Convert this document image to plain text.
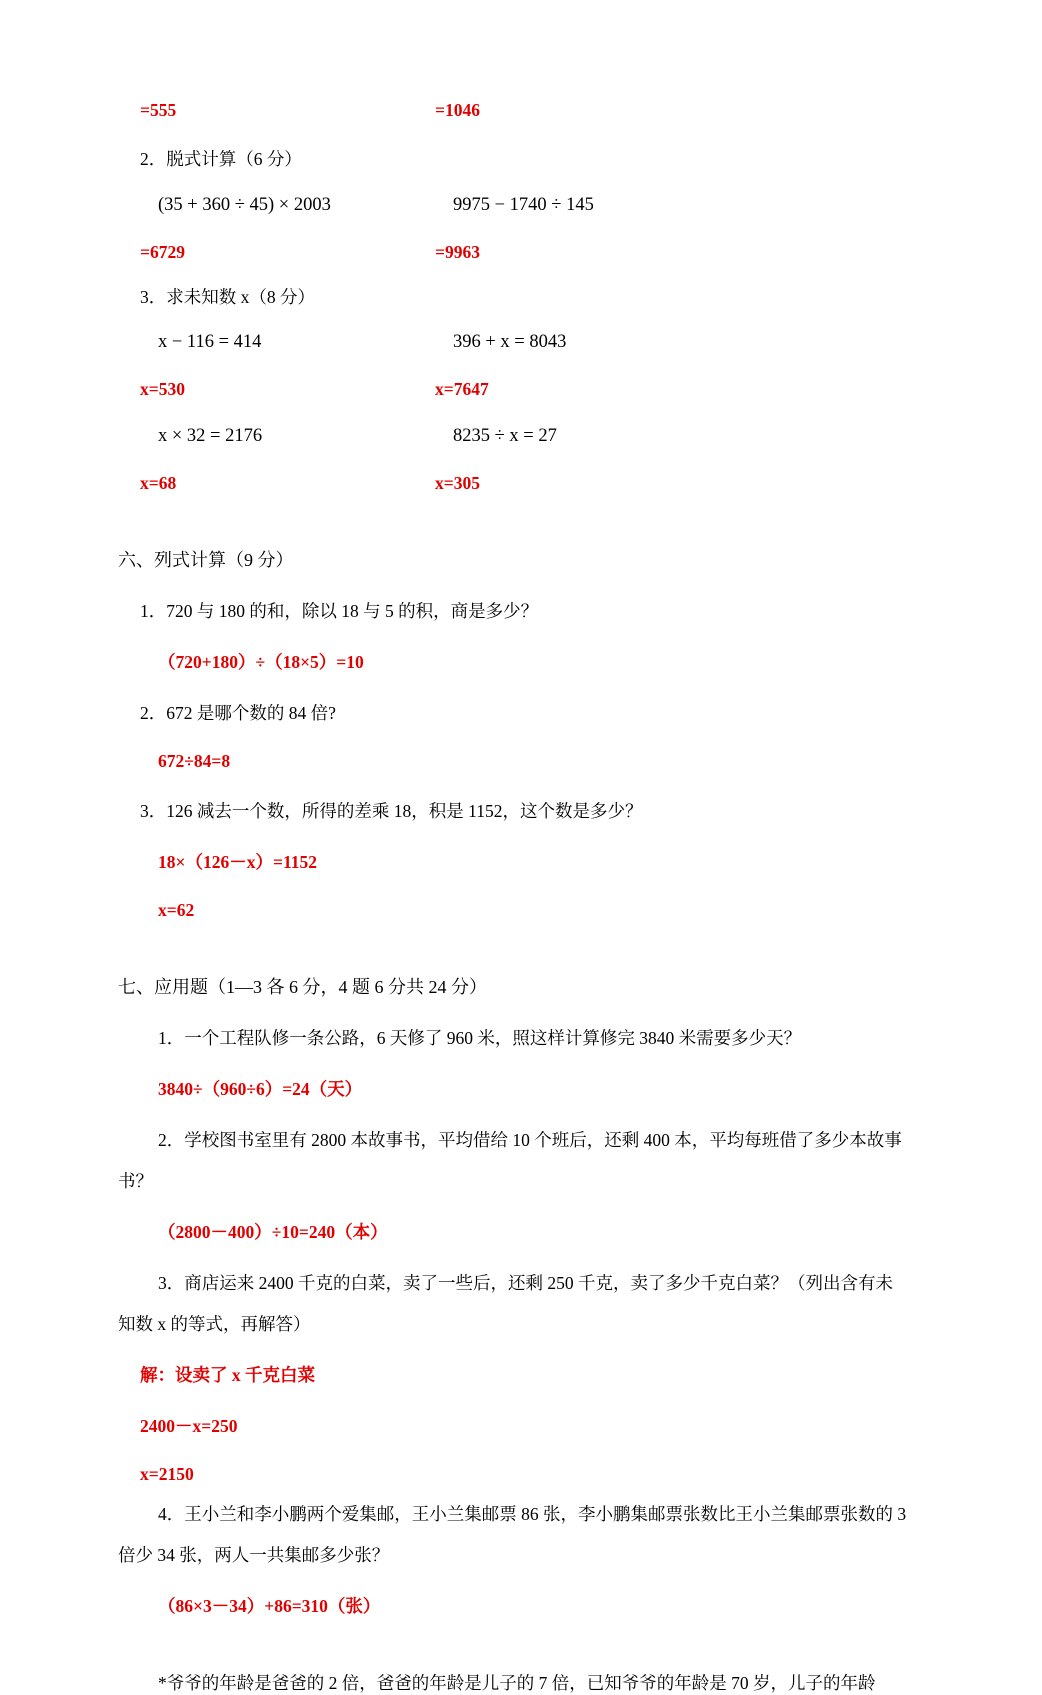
=555	=1046
2．脱式计算（6 分）
(35 + 360 ÷ 45) × 2003	9975 − 1740 ÷ 145
=6729	=9963
3．求未知数 x（8 分）
x − 116 = 414	396 + x = 8043
x=530	x=7647
x × 32 = 2176	8235 ÷ x = 27
x=68	x=305
六、列式计算（9 分）
1．720 与 180 的和，除以 18 与 5 的积，商是多少？
（720+180）÷（18×5）=10
2．672 是哪个数的 84 倍?
672÷84=8
3．126 减去一个数，所得的差乘 18，积是 1152，这个数是多少？
18×（126－x）=1152
x=62
七、应用题（1—3 各 6 分，4 题 6 分共 24 分）
1．一个工程队修一条公路，6 天修了 960 米，照这样计算修完 3840 米需要多少天？
3840÷（960÷6）=24（天）
2．学校图书室里有 2800 本故事书，平均借给 10 个班后，还剩 400 本，平均每班借了多少本故事
书？
（2800－400）÷10=240（本）
3．商店运来 2400 千克的白菜，卖了一些后，还剩 250 千克，卖了多少千克白菜？（列出含有未
知数 x 的等式，再解答）
解：设卖了 x 千克白菜
2400－x=250
x=2150
4．王小兰和李小鹏两个爱集邮，王小兰集邮票 86 张，李小鹏集邮票张数比王小兰集邮票张数的 3
倍少 34 张，两人一共集邮多少张？
（86×3－34）+86=310（张）
*爷爷的年龄是爸爸的 2 倍，爸爸的年龄是儿子的 7 倍，已知爷爷的年龄是 70 岁，儿子的年龄
